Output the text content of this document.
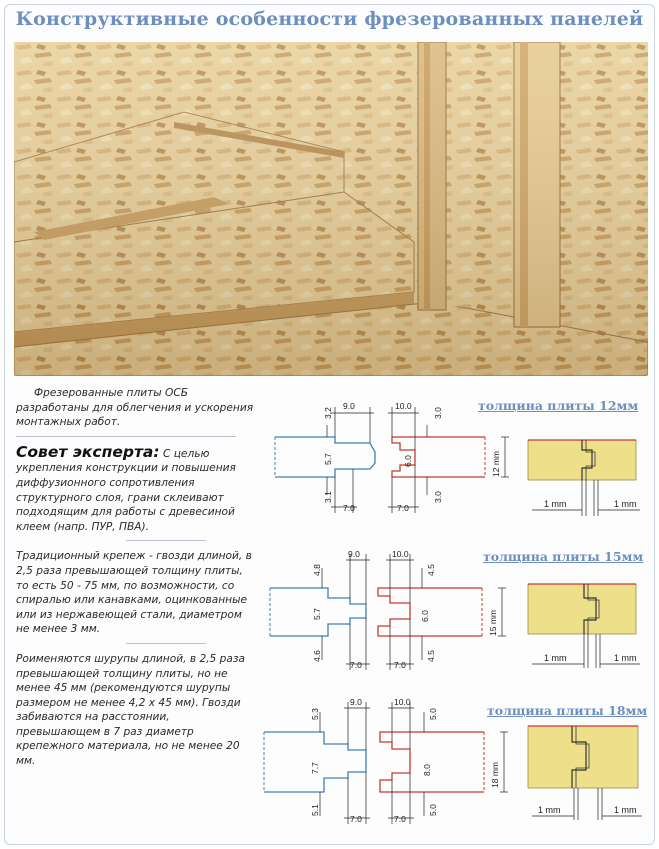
Конструктивные особенности фрезерованных панелей

Фрезерованные плиты ОСБ разработаны для облегчения и ускорения монтажных работ.

Совет эксперта: С целью укрепления конструкции и повышения диффузионного сопротивления структурного слоя, грани склеивают подходящим для работы с древесиной клеем (напр. ПУР, ПВА).

Традиционный крепеж - гвозди длиной, в 2,5 раза превышающей толщину плиты, то есть 50 - 75 мм, по возможности, со спиралью или канавками, оцинкованные или из нержавеющей стали, диаметром не менее 3 мм.

Роименяются шурупы длиной, в 2,5 раза превышающей толщину плиты, но не менее 45 мм (рекомендуются шурупы размером не менее 4,2 х 45 мм). Гвозди забиваются на расстоянии, превышающем в 7 раз диаметр крепежного материала, но не менее 20 мм.

толщина плиты 12мм
толщина плиты 15мм
толщина плиты 18мм
9.0	10.0
7.0	7.0
3.2
5.7
3.1
3.0
6.0
3.0
12 mm
1 mm	1 mm
9.0	10.0
7.0	7.0
4.8
5.7
4.6
4.5
6.0
4.5
15 mm
1 mm	1 mm
9.0	10.0
7.0	7.0
5.3
7.7
5.1
5.0
8.0
5.0
18 mm
1 mm	1 mm
